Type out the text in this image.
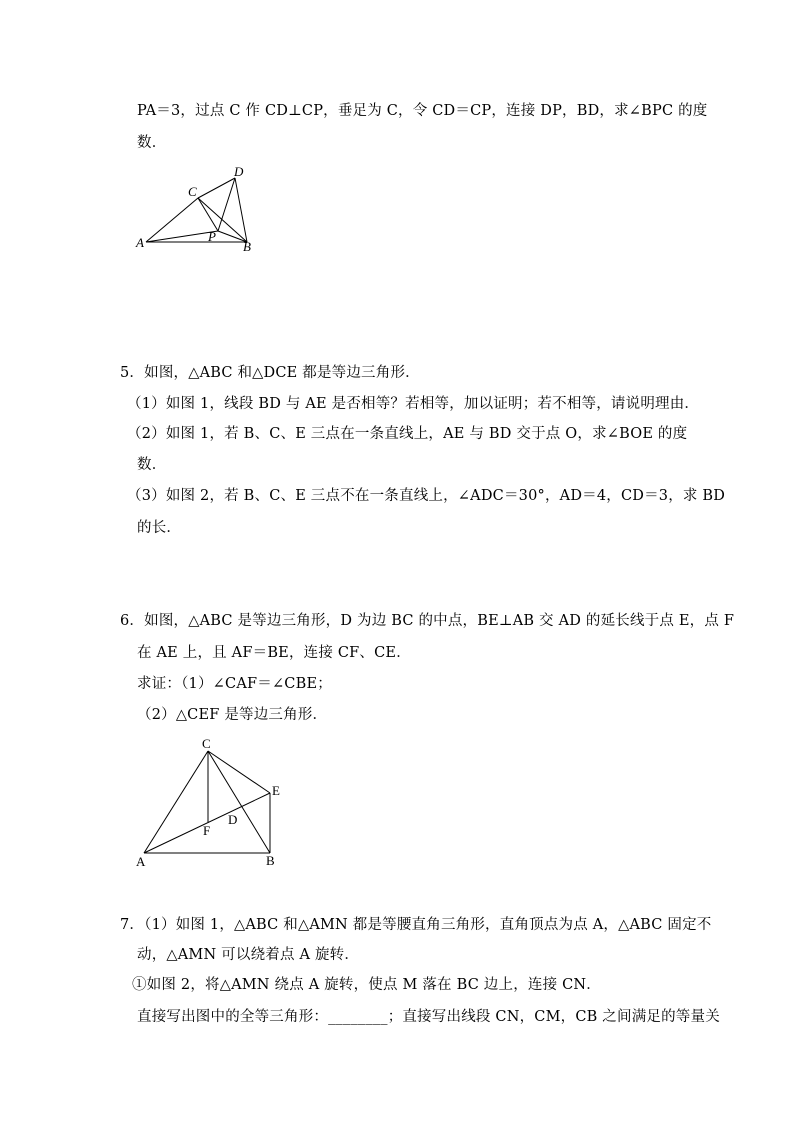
PA＝3，过点 C 作 CD⊥CP，垂足为 C，令 CD＝CP，连接 DP，BD，求∠BPC 的度
数．
A	B
C
D
P
5．如图，△ABC 和△DCE 都是等边三角形．
（1）如图 1，线段 BD 与 AE 是否相等？若相等，加以证明；若不相等，请说明理由．
（2）如图 1，若 B、C、E 三点在一条直线上，AE 与 BD 交于点 O，求∠BOE 的度
数．
（3）如图 2，若 B、C、E 三点不在一条直线上，∠ADC＝30°，AD＝4，CD＝3，求 BD
的长．
6．如图，△ABC 是等边三角形，D 为边 BC 的中点，BE⊥AB 交 AD 的延长线于点 E，点 F
在 AE 上，且 AF＝BE，连接 CF、CE．
求证：（1）∠CAF＝∠CBE；
（2）△CEF 是等边三角形．
A	B
C
D
E
F
7．（1）如图 1，△ABC 和△AMN 都是等腰直角三角形，直角顶点为点 A，△ABC 固定不
动，△AMN 可以绕着点 A 旋转．
①如图 2，将△AMN 绕点 A 旋转，使点 M 落在 BC 边上，连接 CN．
直接写出图中的全等三角形：________；直接写出线段 CN，CM，CB 之间满足的等量关
